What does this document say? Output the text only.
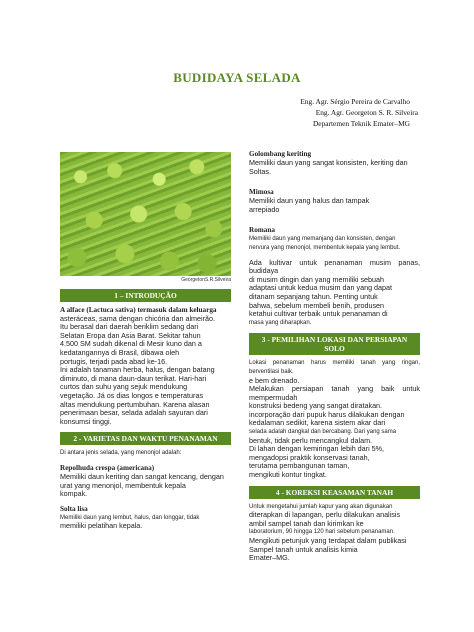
BUDIDAYA SELADA
Eng. Agr. Sérgio Pereira de Carvalho
Eng. Agr. Georgeton S. R. Silveira
Departemen Teknik Emater–MG
GeorgetonS.R.Silveira
1 – INTRODUÇÃO

A alface (Lactuca sativa) termasuk dalam keluarga

asteráceas, sama dengan chicória dan almeirão.

Itu berasal dari daerah beriklim sedang dari

Selatan Eropa dan Asia Barat. Sekitar tahun

4.500 SM sudah dikenal di Mesir kuno dan a

kedatangannya di Brasil, dibawa oleh

portugis, terjadi pada abad ke-16.

Ini adalah tanaman herba, halus, dengan batang

diminuto, di mana daun-daun terikat. Hari-hari

curtos dan suhu yang sejuk mendukung

vegetação. Já os dias longos e temperaturas

altas mendukung pertumbuhan. Karena alasan

penerimaan besar, selada adalah sayuran dari

konsumsi tinggi.

2 - VARIETAS DAN WAKTU PENANAMAN

Di antara jenis selada, yang menonjol adalah:

Repolhuda crespa (americana)

Memiliki daun keriting dan sangat kencang, dengan

urat yang menonjol, membentuk kepala

kompak.

Solta lisa

Memiliki daun yang lembut, halus, dan longgar, tidak

memiliki pelatihan kepala.

Golombang keriting

Memiliki daun yang sangat konsisten, keriting dan

Soltas.

Mimosa

Memiliki daun yang halus dan tampak

arrepiado

Romana

Memiliki daun yang memanjang dan konsisten, dengan

nervura yang menonjol, membentuk kepala yang lembut.

Ada kultivar untuk penanaman musim panas, budidaya

di musim dingin dan yang memiliki sebuah

adaptasi untuk kedua musim dan yang dapat

ditanam sepanjang tahun. Penting untuk

bahwa, sebelum membeli benih, produsen

ketahui cultivar terbaik untuk penanaman di

masa yang diharapkan.

3 - PEMILIHAN LOKASI DAN PERSIAPAN
SOLO

Lokasi penanaman harus memiliki tanah yang ringan, berventilasi baik.

e bem drenado.

Melakukan persiapan tanah yang baik untuk mempermudah

konstruksi bedeng yang sangat diratakan.

incorporação dari pupuk harus dilakukan dengan

kedalaman sedikit, karena sistem akar dari

selada adalah dangkal dan bercabang. Dari yang sama

bentuk, tidak perlu mencangkul dalam.

Di lahan dengan kemiringan lebih dari 5%,

mengadopsi praktik konservasi tanah,

terutama pembangunan taman,

mengikuti kontur tingkat.

4 - KOREKSI KEASAMAN TANAH

Untuk mengetahui jumlah kapur yang akan digunakan

diterapkan di lapangan, perlu dilakukan analisis

ambil sampel tanah dan kirimkan ke

laboratorium, 90 hingga 120 hari sebelum penanaman.

Mengikuti petunjuk yang terdapat dalam publikasi

Sampel tanah untuk analisis kimia

Emater–MG.
